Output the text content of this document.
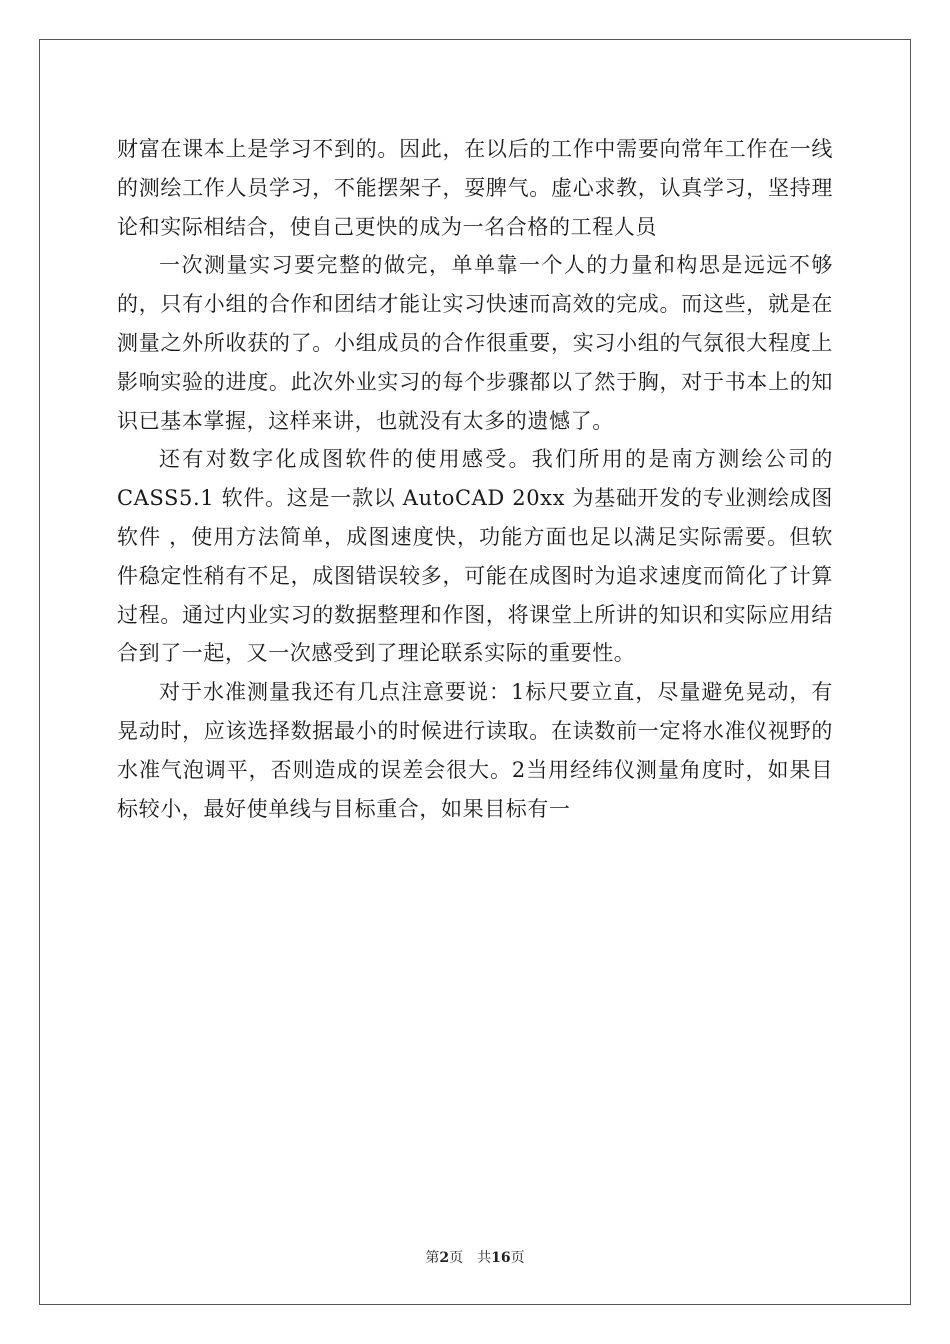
财富在课本上是学习不到的。因此，在以后的工作中需要向常年工作在一线的测绘工作人员学习，不能摆架子，耍脾气。虚心求教，认真学习，坚持理论和实际相结合，使自己更快的成为一名合格的工程人员

一次测量实习要完整的做完，单单靠一个人的力量和构思是远远不够的，只有小组的合作和团结才能让实习快速而高效的完成。而这些，就是在测量之外所收获的了。小组成员的合作很重要，实习小组的气氛很大程度上影响实验的进度。此次外业实习的每个步骤都以了然于胸，对于书本上的知识已基本掌握，这样来讲，也就没有太多的遗憾了。

还有对数字化成图软件的使用感受。我们所用的是南方测绘公司的 CASS5.1 软件。这是一款以 AutoCAD 20xx 为基础开发的专业测绘成图软件 ，使用方法简单，成图速度快，功能方面也足以满足实际需要。但软件稳定性稍有不足，成图错误较多，可能在成图时为追求速度而简化了计算过程。通过内业实习的数据整理和作图，将课堂上所讲的知识和实际应用结合到了一起，又一次感受到了理论联系实际的重要性。

对于水准测量我还有几点注意要说：1标尺要立直，尽量避免晃动，有晃动时，应该选择数据最小的时候进行读取。在读数前一定将水准仪视野的水准气泡调平，否则造成的误差会很大。2当用经纬仪测量角度时，如果目标较小，最好使单线与目标重合，如果目标有一

第2页 共16页
